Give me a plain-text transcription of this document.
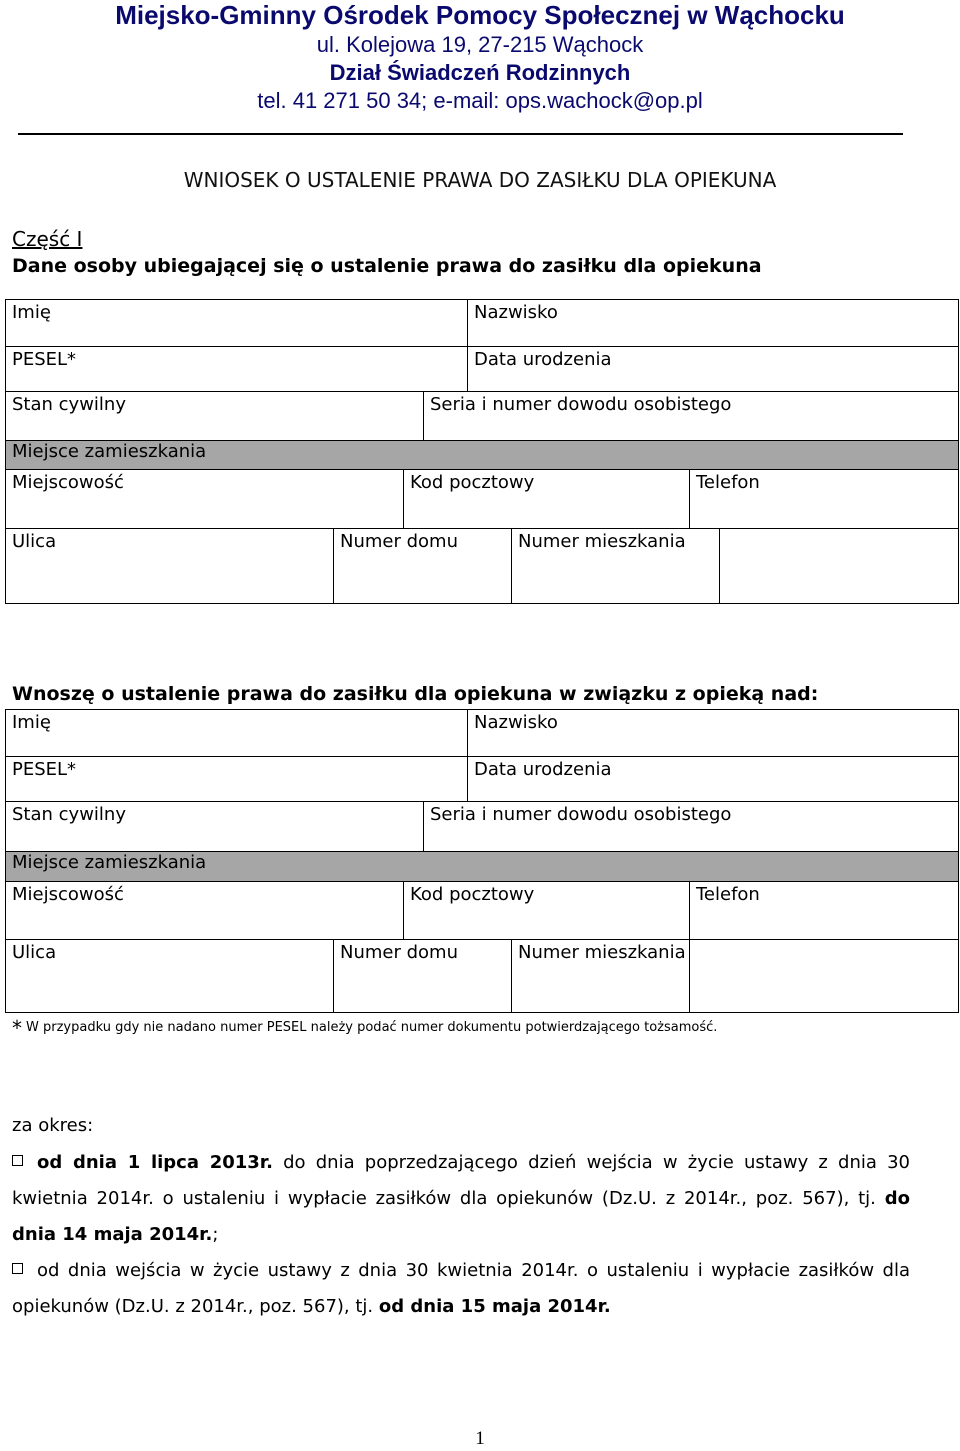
Miejsko-Gminny Ośrodek Pomocy Społecznej w Wąchocku
ul. Kolejowa 19, 27-215 Wąchock
Dział Świadczeń Rodzinnych
tel. 41 271 50 34; e-mail: ops.wachock@op.pl
WNIOSEK O USTALENIE PRAWA DO ZASIŁKU DLA OPIEKUNA
Część I
Dane osoby ubiegającej się o ustalenie prawa do zasiłku dla opiekuna
Imię	Nazwisko
PESEL*	Data urodzenia
Stan cywilny	Seria i numer dowodu osobistego
Miejsce zamieszkania
Miejscowość	Kod pocztowy	Telefon
Ulica	Numer domu	Numer mieszkania
Wnoszę o ustalenie prawa do zasiłku dla opiekuna w związku z opieką nad:
Imię	Nazwisko
PESEL*	Data urodzenia
Stan cywilny	Seria i numer dowodu osobistego
Miejsce zamieszkania
Miejscowość	Kod pocztowy	Telefon
Ulica	Numer domu	Numer mieszkania
* W przypadku gdy nie nadano numer PESEL należy podać numer dokumentu potwierdzającego tożsamość.
za okres:
od dnia 1 lipca 2013r. do dnia poprzedzającego dzień wejścia w życie ustawy z dnia 30 kwietnia 2014r. o ustaleniu i wypłacie zasiłków dla opiekunów (Dz.U. z 2014r., poz. 567), tj. do dnia 14 maja 2014r.;
od dnia wejścia w życie ustawy z dnia 30 kwietnia 2014r. o ustaleniu i wypłacie zasiłków dla opiekunów (Dz.U. z 2014r., poz. 567), tj. od dnia 15 maja 2014r.
1
